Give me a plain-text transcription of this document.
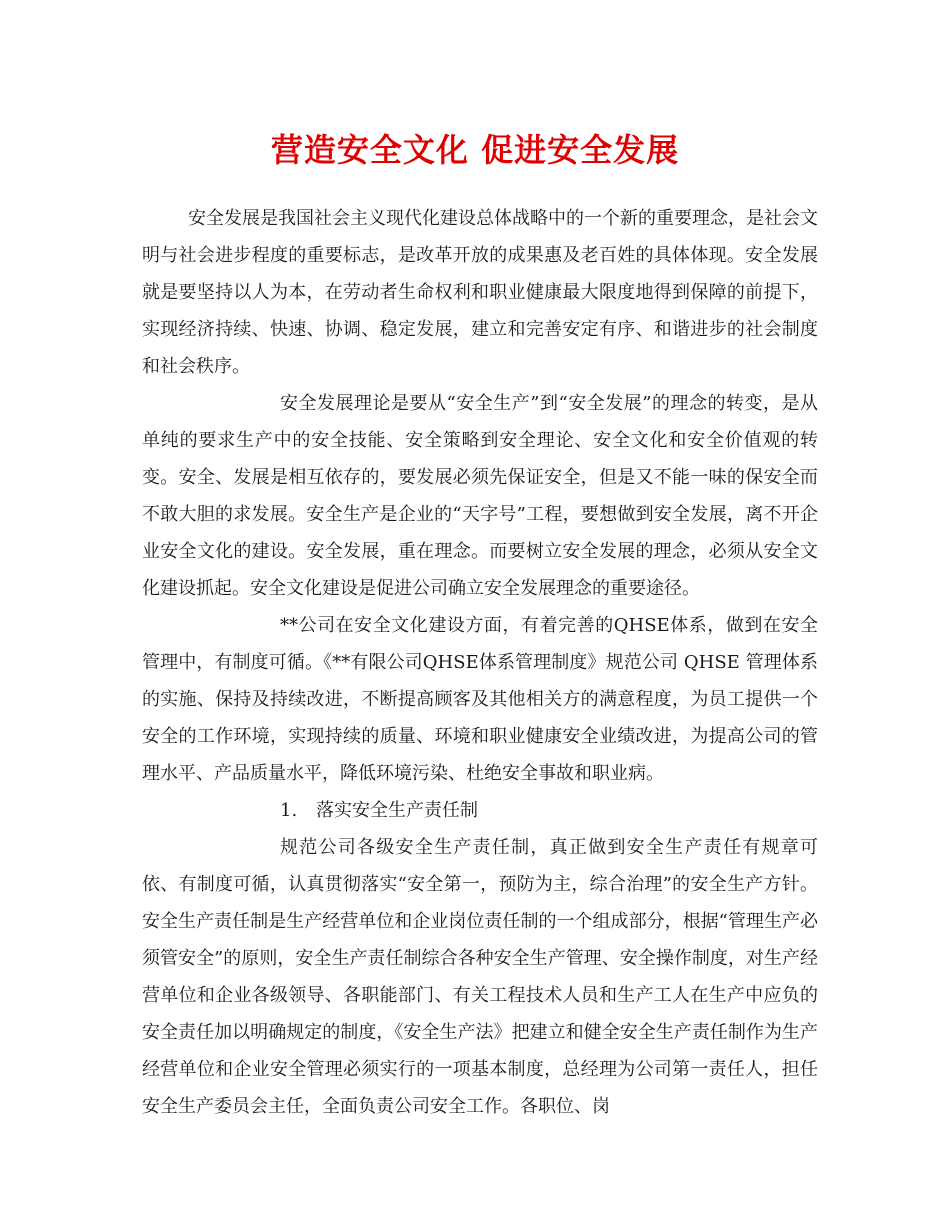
营造安全文化 促进安全发展

安全发展是我国社会主义现代化建设总体战略中的一个新的重要理念，是社会文明与社会进步程度的重要标志，是改革开放的成果惠及老百姓的具体体现。安全发展就是要坚持以人为本，在劳动者生命权利和职业健康最大限度地得到保障的前提下，实现经济持续、快速、协调、稳定发展，建立和完善安定有序、和谐进步的社会制度和社会秩序。

安全发展理论是要从“安全生产”到“安全发展”的理念的转变，是从单纯的要求生产中的安全技能、安全策略到安全理论、安全文化和安全价值观的转变。安全、发展是相互依存的，要发展必须先保证安全，但是又不能一味的保安全而不敢大胆的求发展。安全生产是企业的“天字号”工程，要想做到安全发展，离不开企业安全文化的建设。安全发展，重在理念。而要树立安全发展的理念，必须从安全文化建设抓起。安全文化建设是促进公司确立安全发展理念的重要途径。

**公司在安全文化建设方面，有着完善的QHSE体系，做到在安全管理中，有制度可循。《**有限公司QHSE体系管理制度》规范公司 QHSE 管理体系的实施、保持及持续改进，不断提高顾客及其他相关方的满意程度，为员工提供一个安全的工作环境，实现持续的质量、环境和职业健康安全业绩改进，为提高公司的管理水平、产品质量水平，降低环境污染、杜绝安全事故和职业病。

1. 落实安全生产责任制

规范公司各级安全生产责任制，真正做到安全生产责任有规章可依、有制度可循，认真贯彻落实“安全第一，预防为主，综合治理”的安全生产方针。安全生产责任制是生产经营单位和企业岗位责任制的一个组成部分，根据“管理生产必须管安全”的原则，安全生产责任制综合各种安全生产管理、安全操作制度，对生产经营单位和企业各级领导、各职能部门、有关工程技术人员和生产工人在生产中应负的安全责任加以明确规定的制度，《安全生产法》把建立和健全安全生产责任制作为生产经营单位和企业安全管理必须实行的一项基本制度，总经理为公司第一责任人，担任安全生产委员会主任，全面负责公司安全工作。各职位、岗
